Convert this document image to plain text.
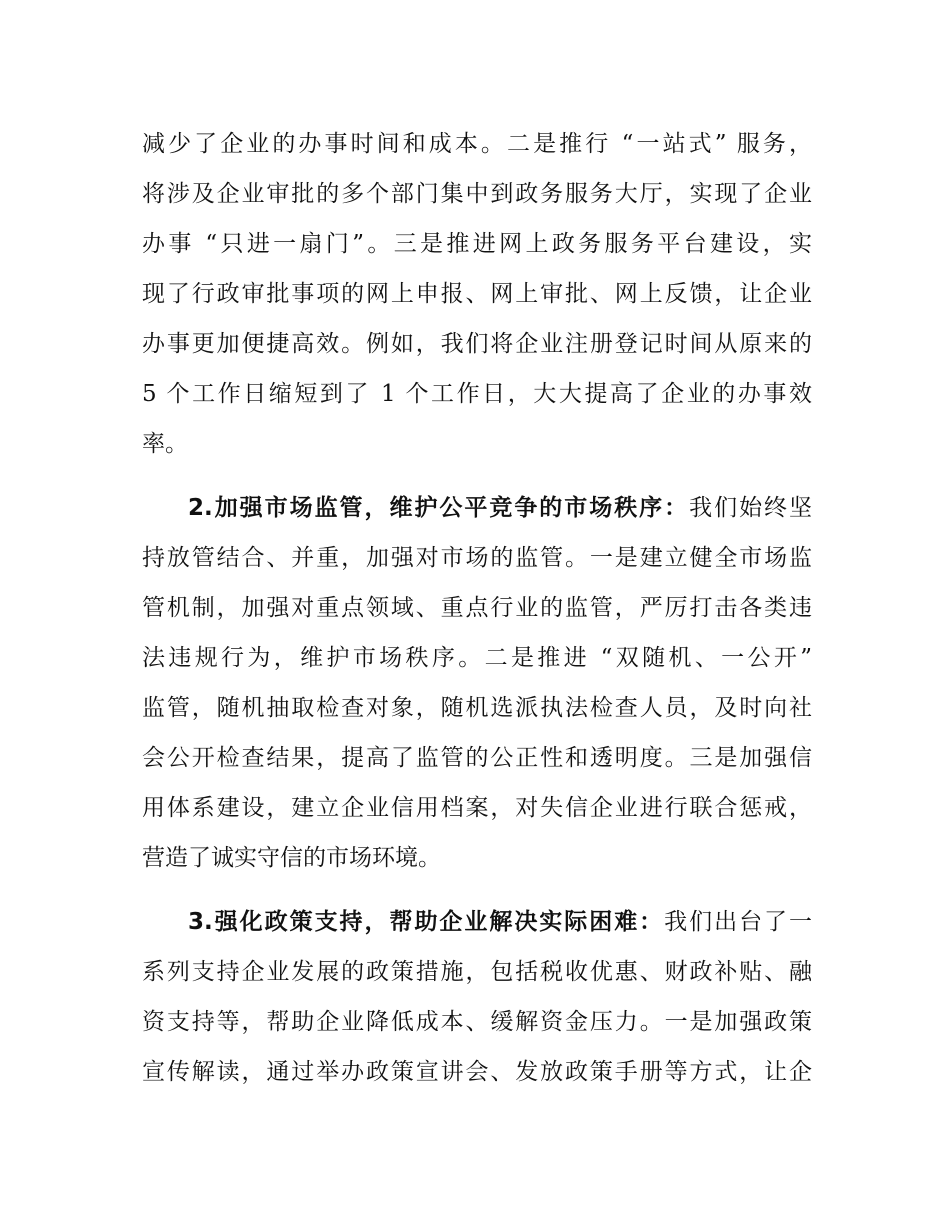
减少了企业的办事时间和成本。二是推行 “一站式” 服务，
将涉及企业审批的多个部门集中到政务服务大厅，实现了企业
办事 “只进一扇门”。三是推进网上政务服务平台建设，实
现了行政审批事项的网上申报、网上审批、网上反馈，让企业
办事更加便捷高效。例如，我们将企业注册登记时间从原来的
5 个工作日缩短到了 1 个工作日，大大提高了企业的办事效
率。
2.加强市场监管，维护公平竞争的市场秩序：我们始终坚
持放管结合、并重，加强对市场的监管。一是建立健全市场监
管机制，加强对重点领域、重点行业的监管，严厉打击各类违
法违规行为，维护市场秩序。二是推进 “双随机、一公开”
监管，随机抽取检查对象，随机选派执法检查人员，及时向社
会公开检查结果，提高了监管的公正性和透明度。三是加强信
用体系建设，建立企业信用档案，对失信企业进行联合惩戒，
营造了诚实守信的市场环境。
3.强化政策支持，帮助企业解决实际困难：我们出台了一
系列支持企业发展的政策措施，包括税收优惠、财政补贴、融
资支持等，帮助企业降低成本、缓解资金压力。一是加强政策
宣传解读，通过举办政策宣讲会、发放政策手册等方式，让企
